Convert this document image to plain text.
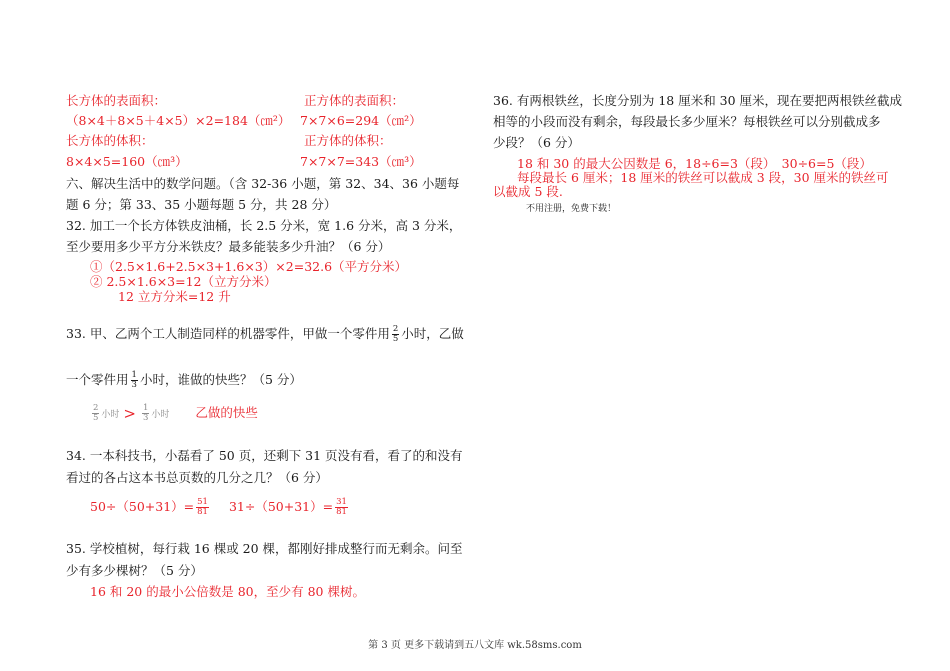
长方体的表面积：	正方体的表面积：
（8×4＋8×5＋4×5）×2=184（㎝²） 7×7×6=294（㎝²）
长方体的体积：	正方体的体积：
8×4×5=160（㎝³）	7×7×7=343（㎝³）
六、解决生活中的数学问题。（含 32-36 小题，第 32、34、36 小题每
题 6 分；第 33、35 小题每题 5 分，共 28 分）
32. 加工一个长方体铁皮油桶，长 2.5 分米，宽 1.6 分米，高 3 分米，
至少要用多少平方分米铁皮？最多能装多少升油？（6 分）
①（2.5×1.6+2.5×3+1.6×3）×2=32.6（平方分米）
② 2.5×1.6×3=12（立方分米）
12 立方分米=12 升
33. 甲、乙两个工人制造同样的机器零件，甲做一个零件用 $\frac{2}{5}$ 小时，乙做
一个零件用 $\frac{1}{3}$ 小时，谁做的快些？（5 分）
$\frac{2}{5}$ 小时 > $\frac{1}{3}$ 小时 乙做的快些
34. 一本科技书，小磊看了 50 页，还剩下 31 页没有看，看了的和没有
看过的各占这本书总页数的几分之几？（6 分）
$50\div(50+31)= \frac{51}{81} 31\div(50+31)= \frac{31}{81}$
35. 学校植树，每行栽 16 棵或 20 棵，都刚好排成整行而无剩余。问至
少有多少棵树？（5 分）
16 和 20 的最小公倍数是 80，至少有 80 棵树。
36. 有两根铁丝，长度分别为 18 厘米和 30 厘米，现在要把两根铁丝截成
相等的小段而没有剩余，每段最长多少厘米？每根铁丝可以分别截成多
少段？（6 分）
18 和 30 的最大公因数是 6，18÷6=3（段）　30÷6=5（段）
每段最长 6 厘米；18 厘米的铁丝可以截成 3 段，30 厘米的铁丝可
以截成 5 段.
不用注册，免费下载！
第 3 页 更多下载请到五八文库 wk.58sms.com
